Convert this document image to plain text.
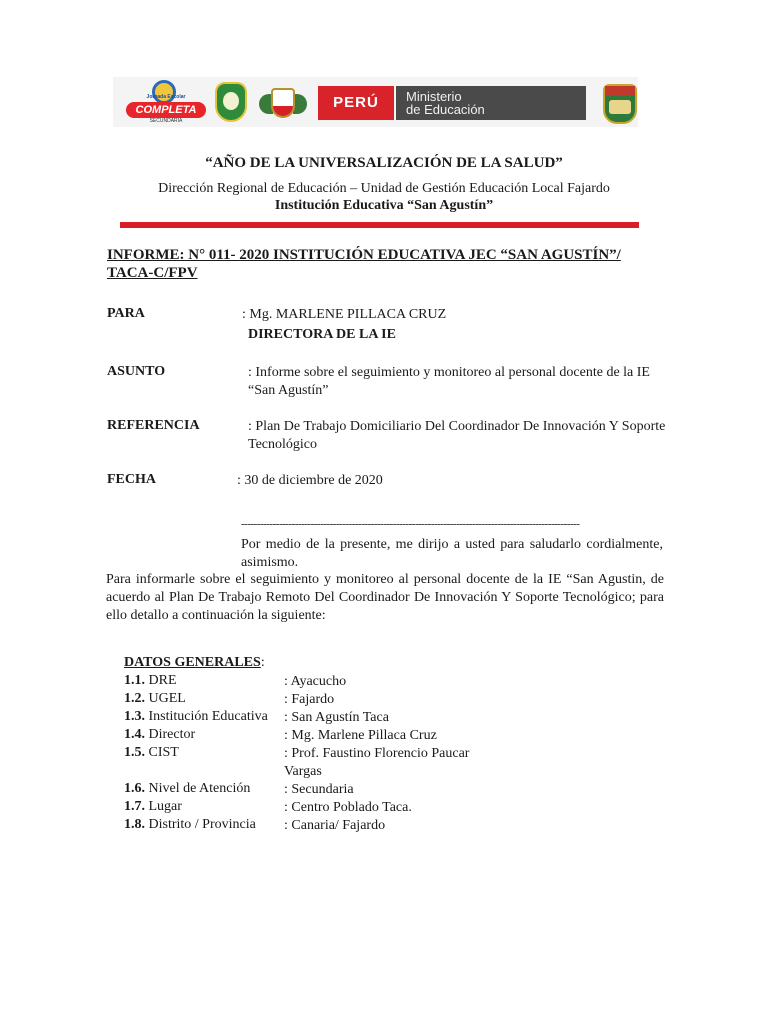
Jornada Escolar
COMPLETA
SECUNDARIA
PERÚ	Ministerio
de Educación
“AÑO DE LA UNIVERSALIZACIÓN DE LA SALUD”
Dirección Regional de Educación – Unidad de Gestión Educación Local Fajardo
Institución Educativa “San Agustín”
INFORME: N° 011- 2020 INSTITUCIÓN EDUCATIVA JEC “SAN AGUSTÍN”/
TACA-C/FPV
PARA	: Mg. MARLENE PILLACA CRUZ
DIRECTORA DE LA IE
ASUNTO	: Informe sobre el seguimiento y monitoreo al personal docente de la IE “San Agustín”
REFERENCIA	: Plan De Trabajo Domiciliario Del Coordinador De Innovación Y Soporte Tecnológico
FECHA	: 30 de diciembre de 2020
-----------------------------------------------------------------------------------------------------------
Por medio de la presente, me dirijo a usted para saludarlo cordialmente, asimismo.
Para informarle sobre el seguimiento y monitoreo al personal docente de la IE “San Agustin, de acuerdo al Plan De Trabajo Remoto Del Coordinador De Innovación Y Soporte Tecnológico; para ello detallo a continuación la siguiente:
DATOS GENERALES:
1.1. DRE	: Ayacucho
1.2. UGEL	: Fajardo
1.3. Institución Educativa : San Agustín Taca
1.4. Director	: Mg. Marlene Pillaca Cruz
1.5. CIST	: Prof. Faustino Florencio Paucar Vargas
1.6. Nivel de Atención : Secundaria
1.7. Lugar	: Centro Poblado Taca.
1.8. Distrito / Provincia : Canaria/ Fajardo
